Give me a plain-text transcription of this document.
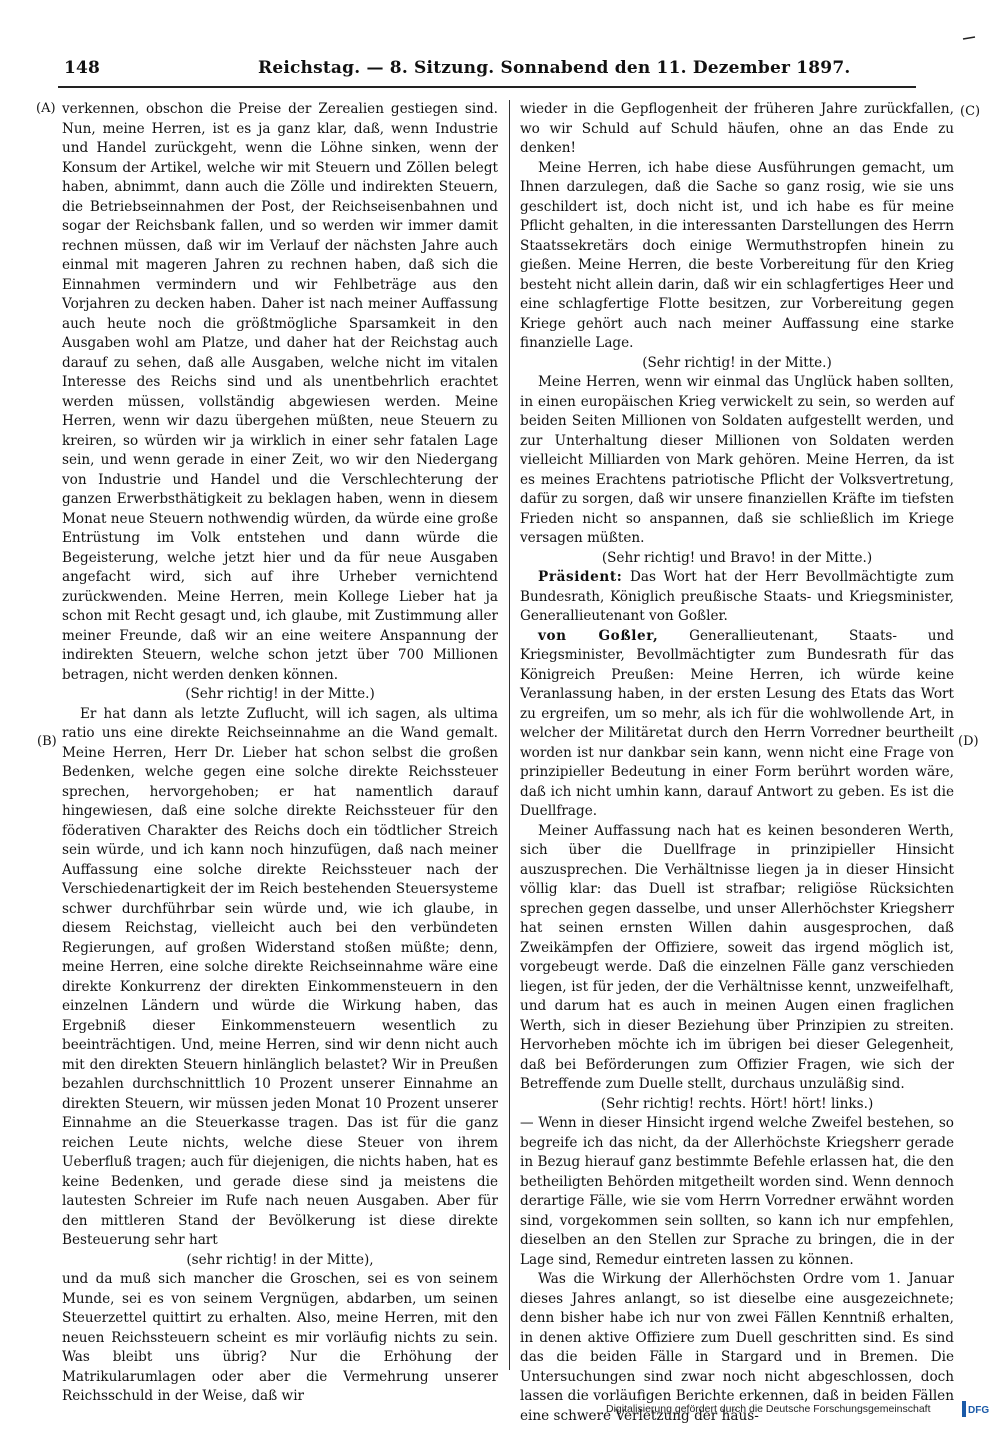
148	Reichstag. — 8. Sitzung. Sonnabend den 11. Dezember 1897.
(A)
(B)
(C)
(D)

verkennen, obschon die Preise der Zerealien gestiegen sind. Nun, meine Herren, ist es ja ganz klar, daß, wenn Industrie und Handel zurückgeht, wenn die Löhne sinken, wenn der Konsum der Artikel, welche wir mit Steuern und Zöllen belegt haben, abnimmt, dann auch die Zölle und indirekten Steuern, die Betriebseinnahmen der Post, der Reichseisenbahnen und sogar der Reichsbank fallen, und so werden wir immer damit rechnen müssen, daß wir im Verlauf der nächsten Jahre auch einmal mit mageren Jahren zu rechnen haben, daß sich die Einnahmen vermindern und wir Fehlbeträge aus den Vorjahren zu decken haben. Daher ist nach meiner Auffassung auch heute noch die größtmögliche Sparsamkeit in den Ausgaben wohl am Platze, und daher hat der Reichstag auch darauf zu sehen, daß alle Ausgaben, welche nicht im vitalen Interesse des Reichs sind und als unentbehrlich erachtet werden müssen, vollständig abgewiesen werden. Meine Herren, wenn wir dazu übergehen müßten, neue Steuern zu kreiren, so würden wir ja wirklich in einer sehr fatalen Lage sein, und wenn gerade in einer Zeit, wo wir den Niedergang von Industrie und Handel und die Verschlechterung der ganzen Erwerbsthätigkeit zu beklagen haben, wenn in diesem Monat neue Steuern nothwendig würden, da würde eine große Entrüstung im Volk entstehen und dann würde die Begeisterung, welche jetzt hier und da für neue Ausgaben angefacht wird, sich auf ihre Urheber vernichtend zurückwenden. Meine Herren, mein Kollege Lieber hat ja schon mit Recht gesagt und, ich glaube, mit Zustimmung aller meiner Freunde, daß wir an eine weitere Anspannung der indirekten Steuern, welche schon jetzt über 700 Millionen betragen, nicht werden denken können.

(Sehr richtig! in der Mitte.)

Er hat dann als letzte Zuflucht, will ich sagen, als ultima ratio uns eine direkte Reichseinnahme an die Wand gemalt. Meine Herren, Herr Dr. Lieber hat schon selbst die großen Bedenken, welche gegen eine solche direkte Reichssteuer sprechen, hervorgehoben; er hat namentlich darauf hingewiesen, daß eine solche direkte Reichssteuer für den föderativen Charakter des Reichs doch ein tödtlicher Streich sein würde, und ich kann noch hinzufügen, daß nach meiner Auffassung eine solche direkte Reichssteuer nach der Verschiedenartigkeit der im Reich bestehenden Steuersysteme schwer durchführbar sein würde und, wie ich glaube, in diesem Reichstag, vielleicht auch bei den verbündeten Regierungen, auf großen Widerstand stoßen müßte; denn, meine Herren, eine solche direkte Reichseinnahme wäre eine direkte Konkurrenz der direkten Einkommensteuern in den einzelnen Ländern und würde die Wirkung haben, das Ergebniß dieser Einkommensteuern wesentlich zu beeinträchtigen. Und, meine Herren, sind wir denn nicht auch mit den direkten Steuern hinlänglich belastet? Wir in Preußen bezahlen durchschnittlich 10 Prozent unserer Einnahme an direkten Steuern, wir müssen jeden Monat 10 Prozent unserer Einnahme an die Steuerkasse tragen. Das ist für die ganz reichen Leute nichts, welche diese Steuer von ihrem Ueberfluß tragen; auch für diejenigen, die nichts haben, hat es keine Bedenken, und gerade diese sind ja meistens die lautesten Schreier im Rufe nach neuen Ausgaben. Aber für den mittleren Stand der Bevölkerung ist diese direkte Besteuerung sehr hart

(sehr richtig! in der Mitte),

und da muß sich mancher die Groschen, sei es von seinem Munde, sei es von seinem Vergnügen, abdarben, um seinen Steuerzettel quittirt zu erhalten. Also, meine Herren, mit den neuen Reichssteuern scheint es mir vorläufig nichts zu sein. Was bleibt uns übrig? Nur die Erhöhung der Matrikularumlagen oder aber die Vermehrung unserer Reichsschuld in der Weise, daß wir

wieder in die Gepflogenheit der früheren Jahre zurückfallen, wo wir Schuld auf Schuld häufen, ohne an das Ende zu denken!

Meine Herren, ich habe diese Ausführungen gemacht, um Ihnen darzulegen, daß die Sache so ganz rosig, wie sie uns geschildert ist, doch nicht ist, und ich habe es für meine Pflicht gehalten, in die interessanten Darstellungen des Herrn Staatssekretärs doch einige Wermuthstropfen hinein zu gießen. Meine Herren, die beste Vorbereitung für den Krieg besteht nicht allein darin, daß wir ein schlagfertiges Heer und eine schlagfertige Flotte besitzen, zur Vorbereitung gegen Kriege gehört auch nach meiner Auffassung eine starke finanzielle Lage.

(Sehr richtig! in der Mitte.)

Meine Herren, wenn wir einmal das Unglück haben sollten, in einen europäischen Krieg verwickelt zu sein, so werden auf beiden Seiten Millionen von Soldaten aufgestellt werden, und zur Unterhaltung dieser Millionen von Soldaten werden vielleicht Milliarden von Mark gehören. Meine Herren, da ist es meines Erachtens patriotische Pflicht der Volksvertretung, dafür zu sorgen, daß wir unsere finanziellen Kräfte im tiefsten Frieden nicht so anspannen, daß sie schließlich im Kriege versagen müßten.

(Sehr richtig! und Bravo! in der Mitte.)

Präsident: Das Wort hat der Herr Bevollmächtigte zum Bundesrath, Königlich preußische Staats- und Kriegsminister, Generallieutenant von Goßler.

von Goßler, Generallieutenant, Staats- und Kriegsminister, Bevollmächtigter zum Bundesrath für das Königreich Preußen: Meine Herren, ich würde keine Veranlassung haben, in der ersten Lesung des Etats das Wort zu ergreifen, um so mehr, als ich für die wohlwollende Art, in welcher der Militäretat durch den Herrn Vorredner beurtheilt worden ist nur dankbar sein kann, wenn nicht eine Frage von prinzipieller Bedeutung in einer Form berührt worden wäre, daß ich nicht umhin kann, darauf Antwort zu geben. Es ist die Duellfrage.

Meiner Auffassung nach hat es keinen besonderen Werth, sich über die Duellfrage in prinzipieller Hinsicht auszusprechen. Die Verhältnisse liegen ja in dieser Hinsicht völlig klar: das Duell ist strafbar; religiöse Rücksichten sprechen gegen dasselbe, und unser Allerhöchster Kriegsherr hat seinen ernsten Willen dahin ausgesprochen, daß Zweikämpfen der Offiziere, soweit das irgend möglich ist, vorgebeugt werde. Daß die einzelnen Fälle ganz verschieden liegen, ist für jeden, der die Verhältnisse kennt, unzweifelhaft, und darum hat es auch in meinen Augen einen fraglichen Werth, sich in dieser Beziehung über Prinzipien zu streiten. Hervorheben möchte ich im übrigen bei dieser Gelegenheit, daß bei Beförderungen zum Offizier Fragen, wie sich der Betreffende zum Duelle stellt, durchaus unzuläßig sind.

(Sehr richtig! rechts. Hört! hört! links.)

— Wenn in dieser Hinsicht irgend welche Zweifel bestehen, so begreife ich das nicht, da der Allerhöchste Kriegsherr gerade in Bezug hierauf ganz bestimmte Befehle erlassen hat, die den betheiligten Behörden mitgetheilt worden sind. Wenn dennoch derartige Fälle, wie sie vom Herrn Vorredner erwähnt worden sind, vorgekommen sein sollten, so kann ich nur empfehlen, dieselben an den Stellen zur Sprache zu bringen, die in der Lage sind, Remedur eintreten lassen zu können.

Was die Wirkung der Allerhöchsten Ordre vom 1. Januar dieses Jahres anlangt, so ist dieselbe eine ausgezeichnete; denn bisher habe ich nur von zwei Fällen Kenntniß erhalten, in denen aktive Offiziere zum Duell geschritten sind. Es sind das die beiden Fälle in Stargard und in Bremen. Die Untersuchungen sind zwar noch nicht abgeschlossen, doch lassen die vorläufigen Berichte erkennen, daß in beiden Fällen eine schwere Verletzung der häus-

Digitalisierung gefördert durch die Deutsche Forschungsgemeinschaft	DFG
